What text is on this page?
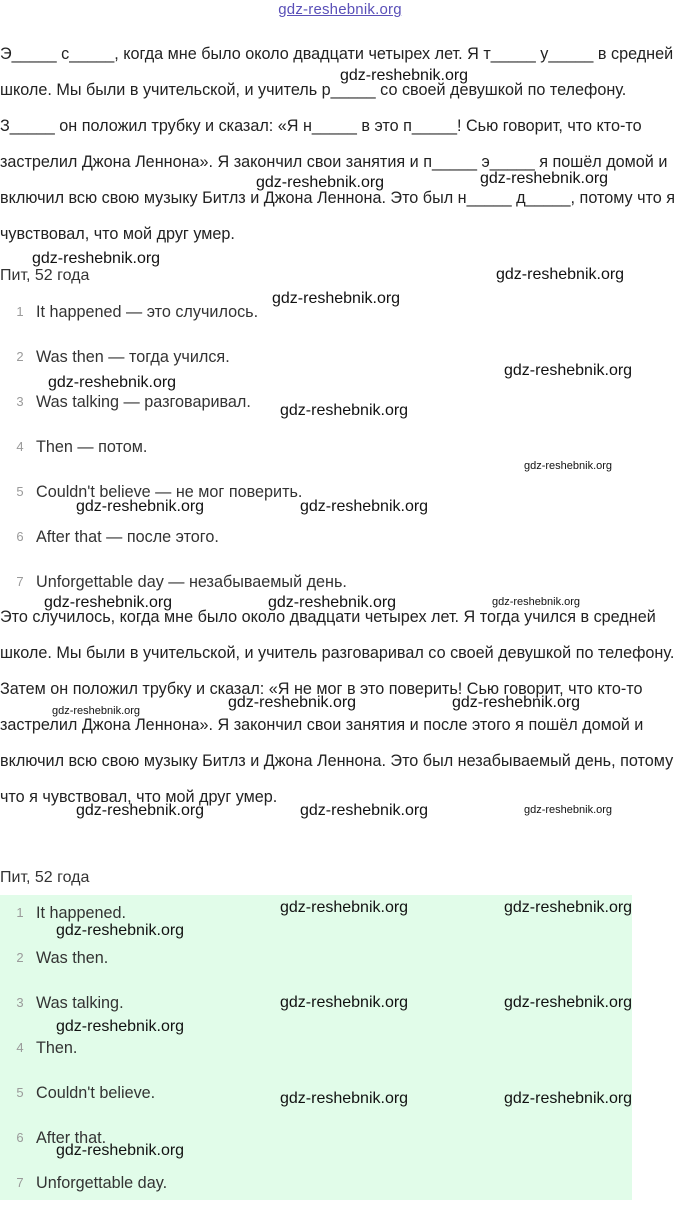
gdz-reshebnik.org

Э_____ с_____, когда мне было около двадцати четырех лет. Я т_____ у_____ в средней школе. Мы были в учительской, и учитель р_____ со своей девушкой по телефону. З_____ он положил трубку и сказал: «Я н_____ в это п_____! Сью говорит, что кто-то застрелил Джона Леннона». Я закончил свои занятия и п_____ э_____ я пошёл домой и включил всю свою музыку Битлз и Джона Леннона. Это был н_____ д_____, потому что я чувствовал, что мой друг умер.

Пит, 52 года
1 It happened — это случилось.
2 Was then — тогда учился.
3 Was talking — разговаривал.
4 Then — потом.
5 Couldn't believe — не мог поверить.
6 After that — после этого.
7 Unforgettable day — незабываемый день.

Это случилось, когда мне было около двадцати четырех лет. Я тогда учился в средней школе. Мы были в учительской, и учитель разговаривал со своей девушкой по телефону. Затем он положил трубку и сказал: «Я не мог в это поверить! Сью говорит, что кто-то застрелил Джона Леннона». Я закончил свои занятия и после этого я пошёл домой и включил всю свою музыку Битлз и Джона Леннона. Это был незабываемый день, потому что я чувствовал, что мой друг умер.

Пит, 52 года
1 It happened.
2 Was then.
3 Was talking.
4 Then.
5 Couldn't believe.
6 After that.
7 Unforgettable day.
gdz-reshebnik.org
gdz-reshebnik.org	gdz-reshebnik.org
gdz-reshebnik.org
gdz-reshebnik.org
gdz-reshebnik.org
gdz-reshebnik.org
gdz-reshebnik.org
gdz-reshebnik.org
gdz-reshebnik.org
gdz-reshebnik.org	gdz-reshebnik.org
gdz-reshebnik.org	gdz-reshebnik.org	gdz-reshebnik.org
gdz-reshebnik.org	gdz-reshebnik.org	gdz-reshebnik.org
gdz-reshebnik.org	gdz-reshebnik.org	gdz-reshebnik.org
gdz-reshebnik.org	gdz-reshebnik.org
gdz-reshebnik.org
gdz-reshebnik.org	gdz-reshebnik.org
gdz-reshebnik.org
gdz-reshebnik.org	gdz-reshebnik.org
gdz-reshebnik.org
